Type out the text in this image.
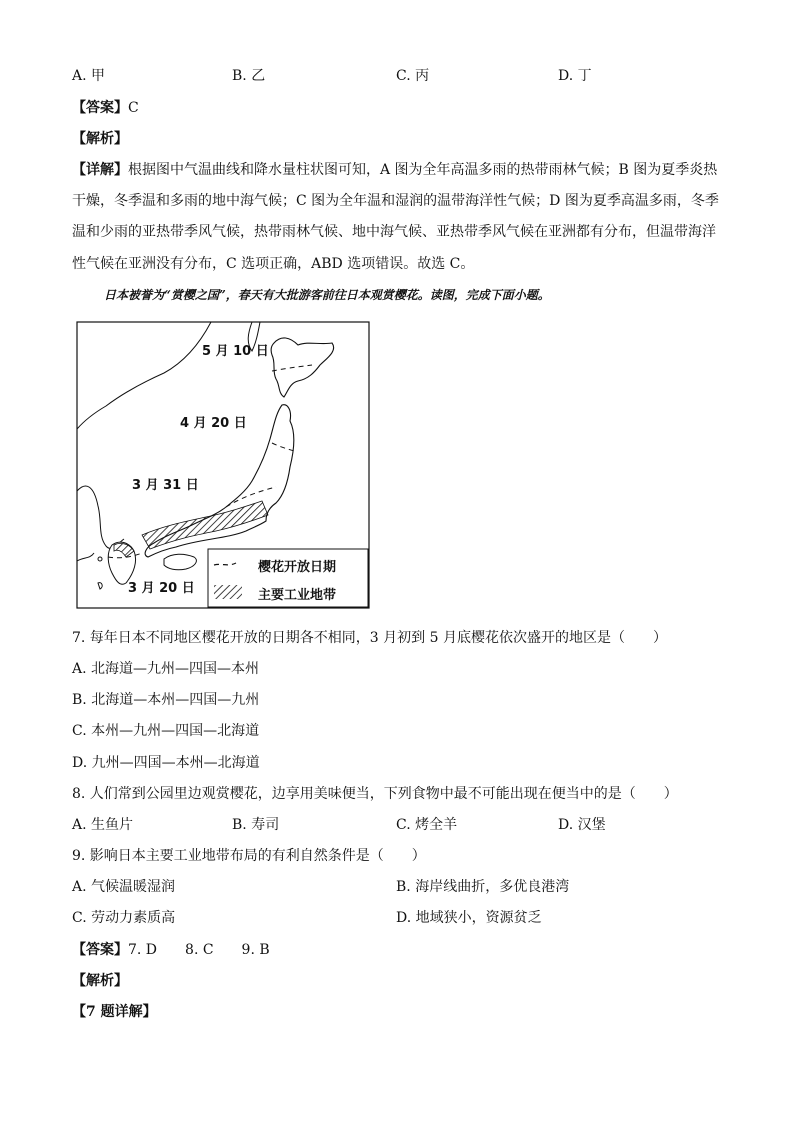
A. 甲	B. 乙	C. 丙	D. 丁
【答案】C
【解析】
【详解】根据图中气温曲线和降水量柱状图可知，A 图为全年高温多雨的热带雨林气候；B 图为夏季炎热
干燥，冬季温和多雨的地中海气候；C 图为全年温和湿润的温带海洋性气候；D 图为夏季高温多雨，冬季
温和少雨的亚热带季风气候，热带雨林气候、地中海气候、亚热带季风气候在亚洲都有分布，但温带海洋
性气候在亚洲没有分布，C 选项正确，ABD 选项错误。故选 C。
日本被誉为“赏樱之国”，春天有大批游客前往日本观赏樱花。读图，完成下面小题。
5 月 10 日
4 月 20 日
3 月 31 日
3 月 20 日
樱花开放日期
主要工业地带
7. 每年日本不同地区樱花开放的日期各不相同，3 月初到 5 月底樱花依次盛开的地区是（　　）
A. 北海道—九州—四国—本州
B. 北海道—本州—四国—九州
C. 本州—九州—四国—北海道
D. 九州—四国—本州—北海道
8. 人们常到公园里边观赏樱花，边享用美味便当，下列食物中最不可能出现在便当中的是（　　）
A. 生鱼片	B. 寿司	C. 烤全羊	D. 汉堡
9. 影响日本主要工业地带布局的有利自然条件是（　　）
A. 气候温暖湿润	B. 海岸线曲折，多优良港湾
C. 劳动力素质高	D. 地域狭小，资源贫乏
【答案】7. D　　8. C　　9. B
【解析】
【7 题详解】
